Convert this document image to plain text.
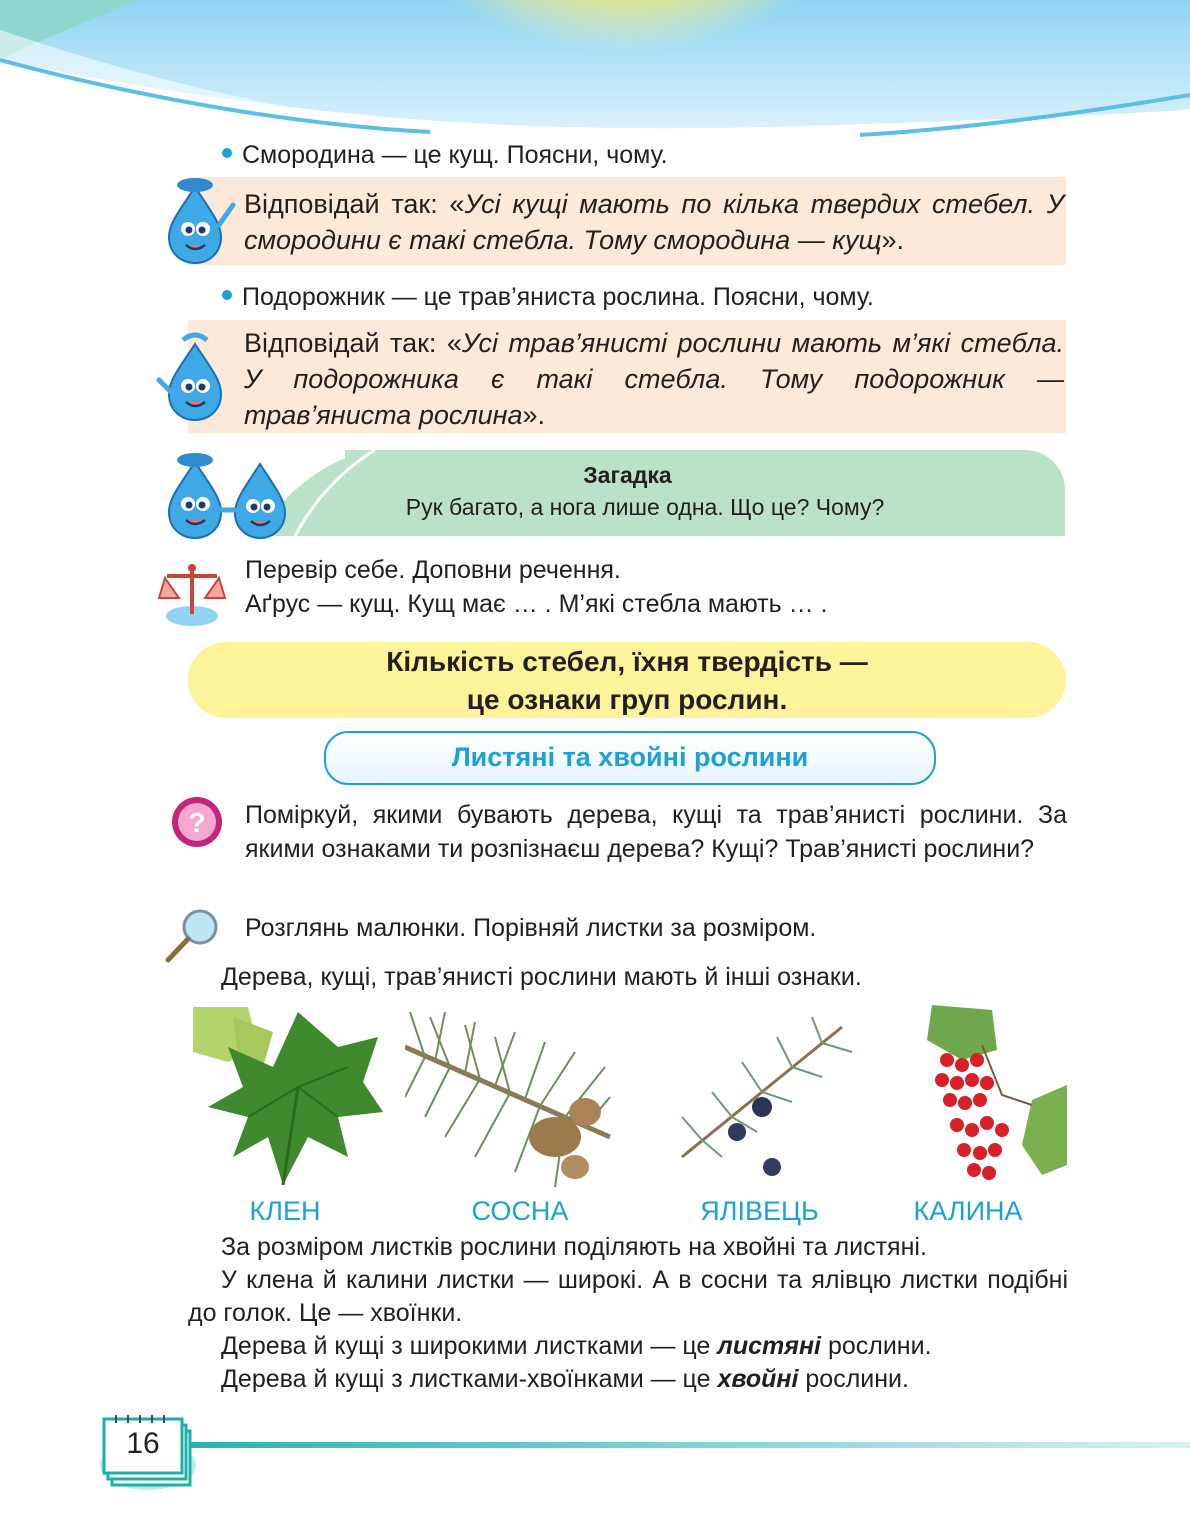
Смородина — це кущ. Поясни, чому.
Відповідай так: «Усі кущі мають по кілька твердих стебел. У смородини є такі стебла. Тому смородина — кущ».
Подорожник — це трав’яниста рослина. Поясни, чому.
Відповідай так: «Усі трав’янисті рослини мають м’які стебла. У подорожника є такі стебла. Тому подорожник — трав’яниста рослина».
Загадка
Рук багато, а нога лише одна. Що це? Чому?
Перевір себе. Доповни речення.
Аґрус — кущ. Кущ має … . М’які стебла мають … .
Кількість стебел, їхня твердість —
це ознаки груп рослин.
Листяні та хвойні рослини
? Поміркуй, якими бувають дерева, кущі та трав’янисті рослини. За якими ознаками ти розпізнаєш дерева? Кущі? Трав’янисті рослини?
Розглянь малюнки. Порівняй листки за розміром.
Дерева, кущі, трав’янисті рослини мають й інші ознаки.
КЛЕН	СОСНА	ЯЛІВЕЦЬ	КАЛИНА
За розміром листків рослини поділяють на хвойні та листяні.
У клена й калини листки — широкі. А в сосни та ялівцю листки подібні до голок. Це — хвоїнки.
Дерева й кущі з широкими листками — це листяні рослини.
Дерева й кущі з листками-хвоїнками — це хвойні рослини.
16
